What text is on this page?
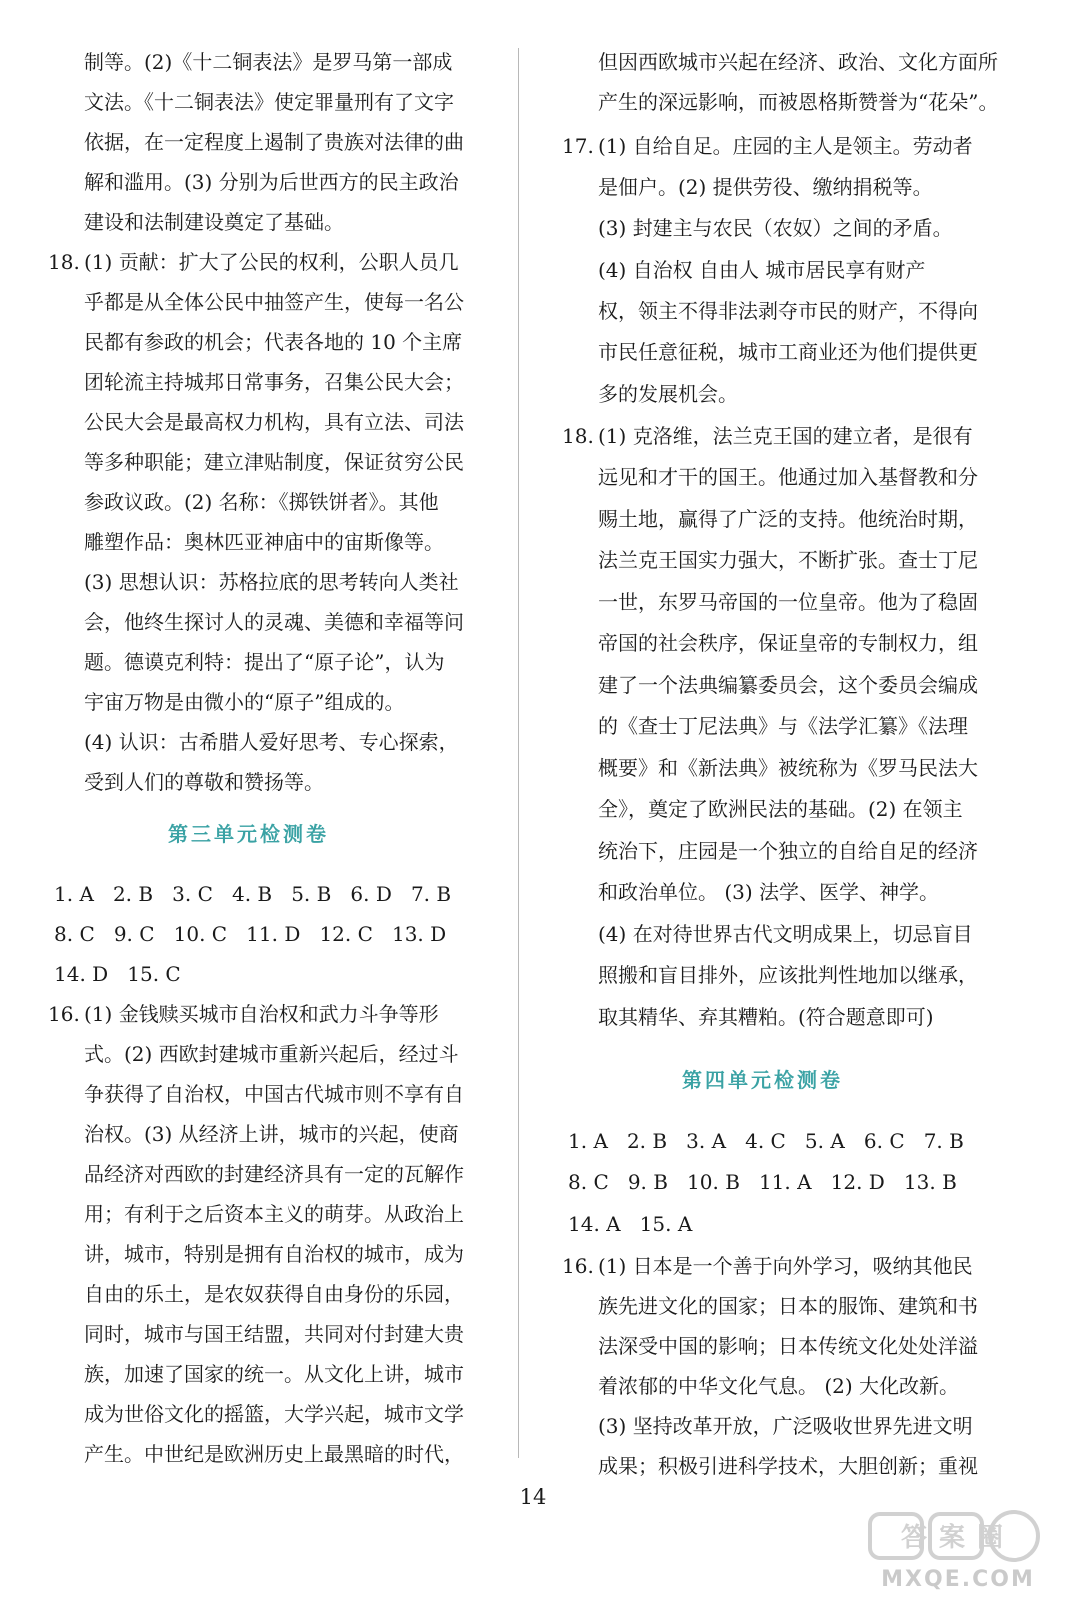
制等。(2)《十二铜表法》是罗马第一部成
文法。《十二铜表法》使定罪量刑有了文字
依据，在一定程度上遏制了贵族对法律的曲
解和滥用。(3) 分别为后世西方的民主政治
建设和法制建设奠定了基础。
18. (1) 贡献：扩大了公民的权利，公职人员几
乎都是从全体公民中抽签产生，使每一名公
民都有参政的机会；代表各地的 10 个主席
团轮流主持城邦日常事务，召集公民大会；
公民大会是最高权力机构，具有立法、司法
等多种职能；建立津贴制度，保证贫穷公民
参政议政。(2) 名称：《掷铁饼者》。其他
雕塑作品：奥林匹亚神庙中的宙斯像等。
(3) 思想认识：苏格拉底的思考转向人类社
会，他终生探讨人的灵魂、美德和幸福等问
题。德谟克利特：提出了“原子论”，认为
宇宙万物是由微小的“原子”组成的。
(4) 认识：古希腊人爱好思考、专心探索，
受到人们的尊敬和赞扬等。
第三单元检测卷
1. A   2. B   3. C   4. B   5. B   6. D   7. B
8. C   9. C   10. C   11. D   12. C   13. D
14. D   15. C
16. (1) 金钱赎买城市自治权和武力斗争等形
式。(2) 西欧封建城市重新兴起后，经过斗
争获得了自治权，中国古代城市则不享有自
治权。(3) 从经济上讲，城市的兴起，使商
品经济对西欧的封建经济具有一定的瓦解作
用；有利于之后资本主义的萌芽。从政治上
讲，城市，特别是拥有自治权的城市，成为
自由的乐土，是农奴获得自由身份的乐园，
同时，城市与国王结盟，共同对付封建大贵
族，加速了国家的统一。从文化上讲，城市
成为世俗文化的摇篮，大学兴起，城市文学
产生。中世纪是欧洲历史上最黑暗的时代，
但因西欧城市兴起在经济、政治、文化方面所
产生的深远影响，而被恩格斯赞誉为“花朵”。
17. (1) 自给自足。庄园的主人是领主。劳动者
是佃户。(2) 提供劳役、缴纳捐税等。
(3) 封建主与农民（农奴）之间的矛盾。
(4) 自治权 自由人 城市居民享有财产
权，领主不得非法剥夺市民的财产，不得向
市民任意征税，城市工商业还为他们提供更
多的发展机会。
18. (1) 克洛维，法兰克王国的建立者，是很有
远见和才干的国王。他通过加入基督教和分
赐土地，赢得了广泛的支持。他统治时期，
法兰克王国实力强大，不断扩张。查士丁尼
一世，东罗马帝国的一位皇帝。他为了稳固
帝国的社会秩序，保证皇帝的专制权力，组
建了一个法典编纂委员会，这个委员会编成
的《查士丁尼法典》与《法学汇纂》《法理
概要》和《新法典》被统称为《罗马民法大
全》，奠定了欧洲民法的基础。(2) 在领主
统治下，庄园是一个独立的自给自足的经济
和政治单位。 (3) 法学、医学、神学。
(4) 在对待世界古代文明成果上，切忌盲目
照搬和盲目排外，应该批判性地加以继承，
取其精华、弃其糟粕。(符合题意即可)
第四单元检测卷
1. A   2. B   3. A   4. C   5. A   6. C   7. B
8. C   9. B   10. B   11. A   12. D   13. B
14. A   15. A
16. (1) 日本是一个善于向外学习，吸纳其他民
族先进文化的国家；日本的服饰、建筑和书
法深受中国的影响；日本传统文化处处洋溢
着浓郁的中华文化气息。 (2) 大化改新。
(3) 坚持改革开放，广泛吸收世界先进文明
成果；积极引进科学技术，大胆创新；重视
14
答案圈
MXQE.COM
